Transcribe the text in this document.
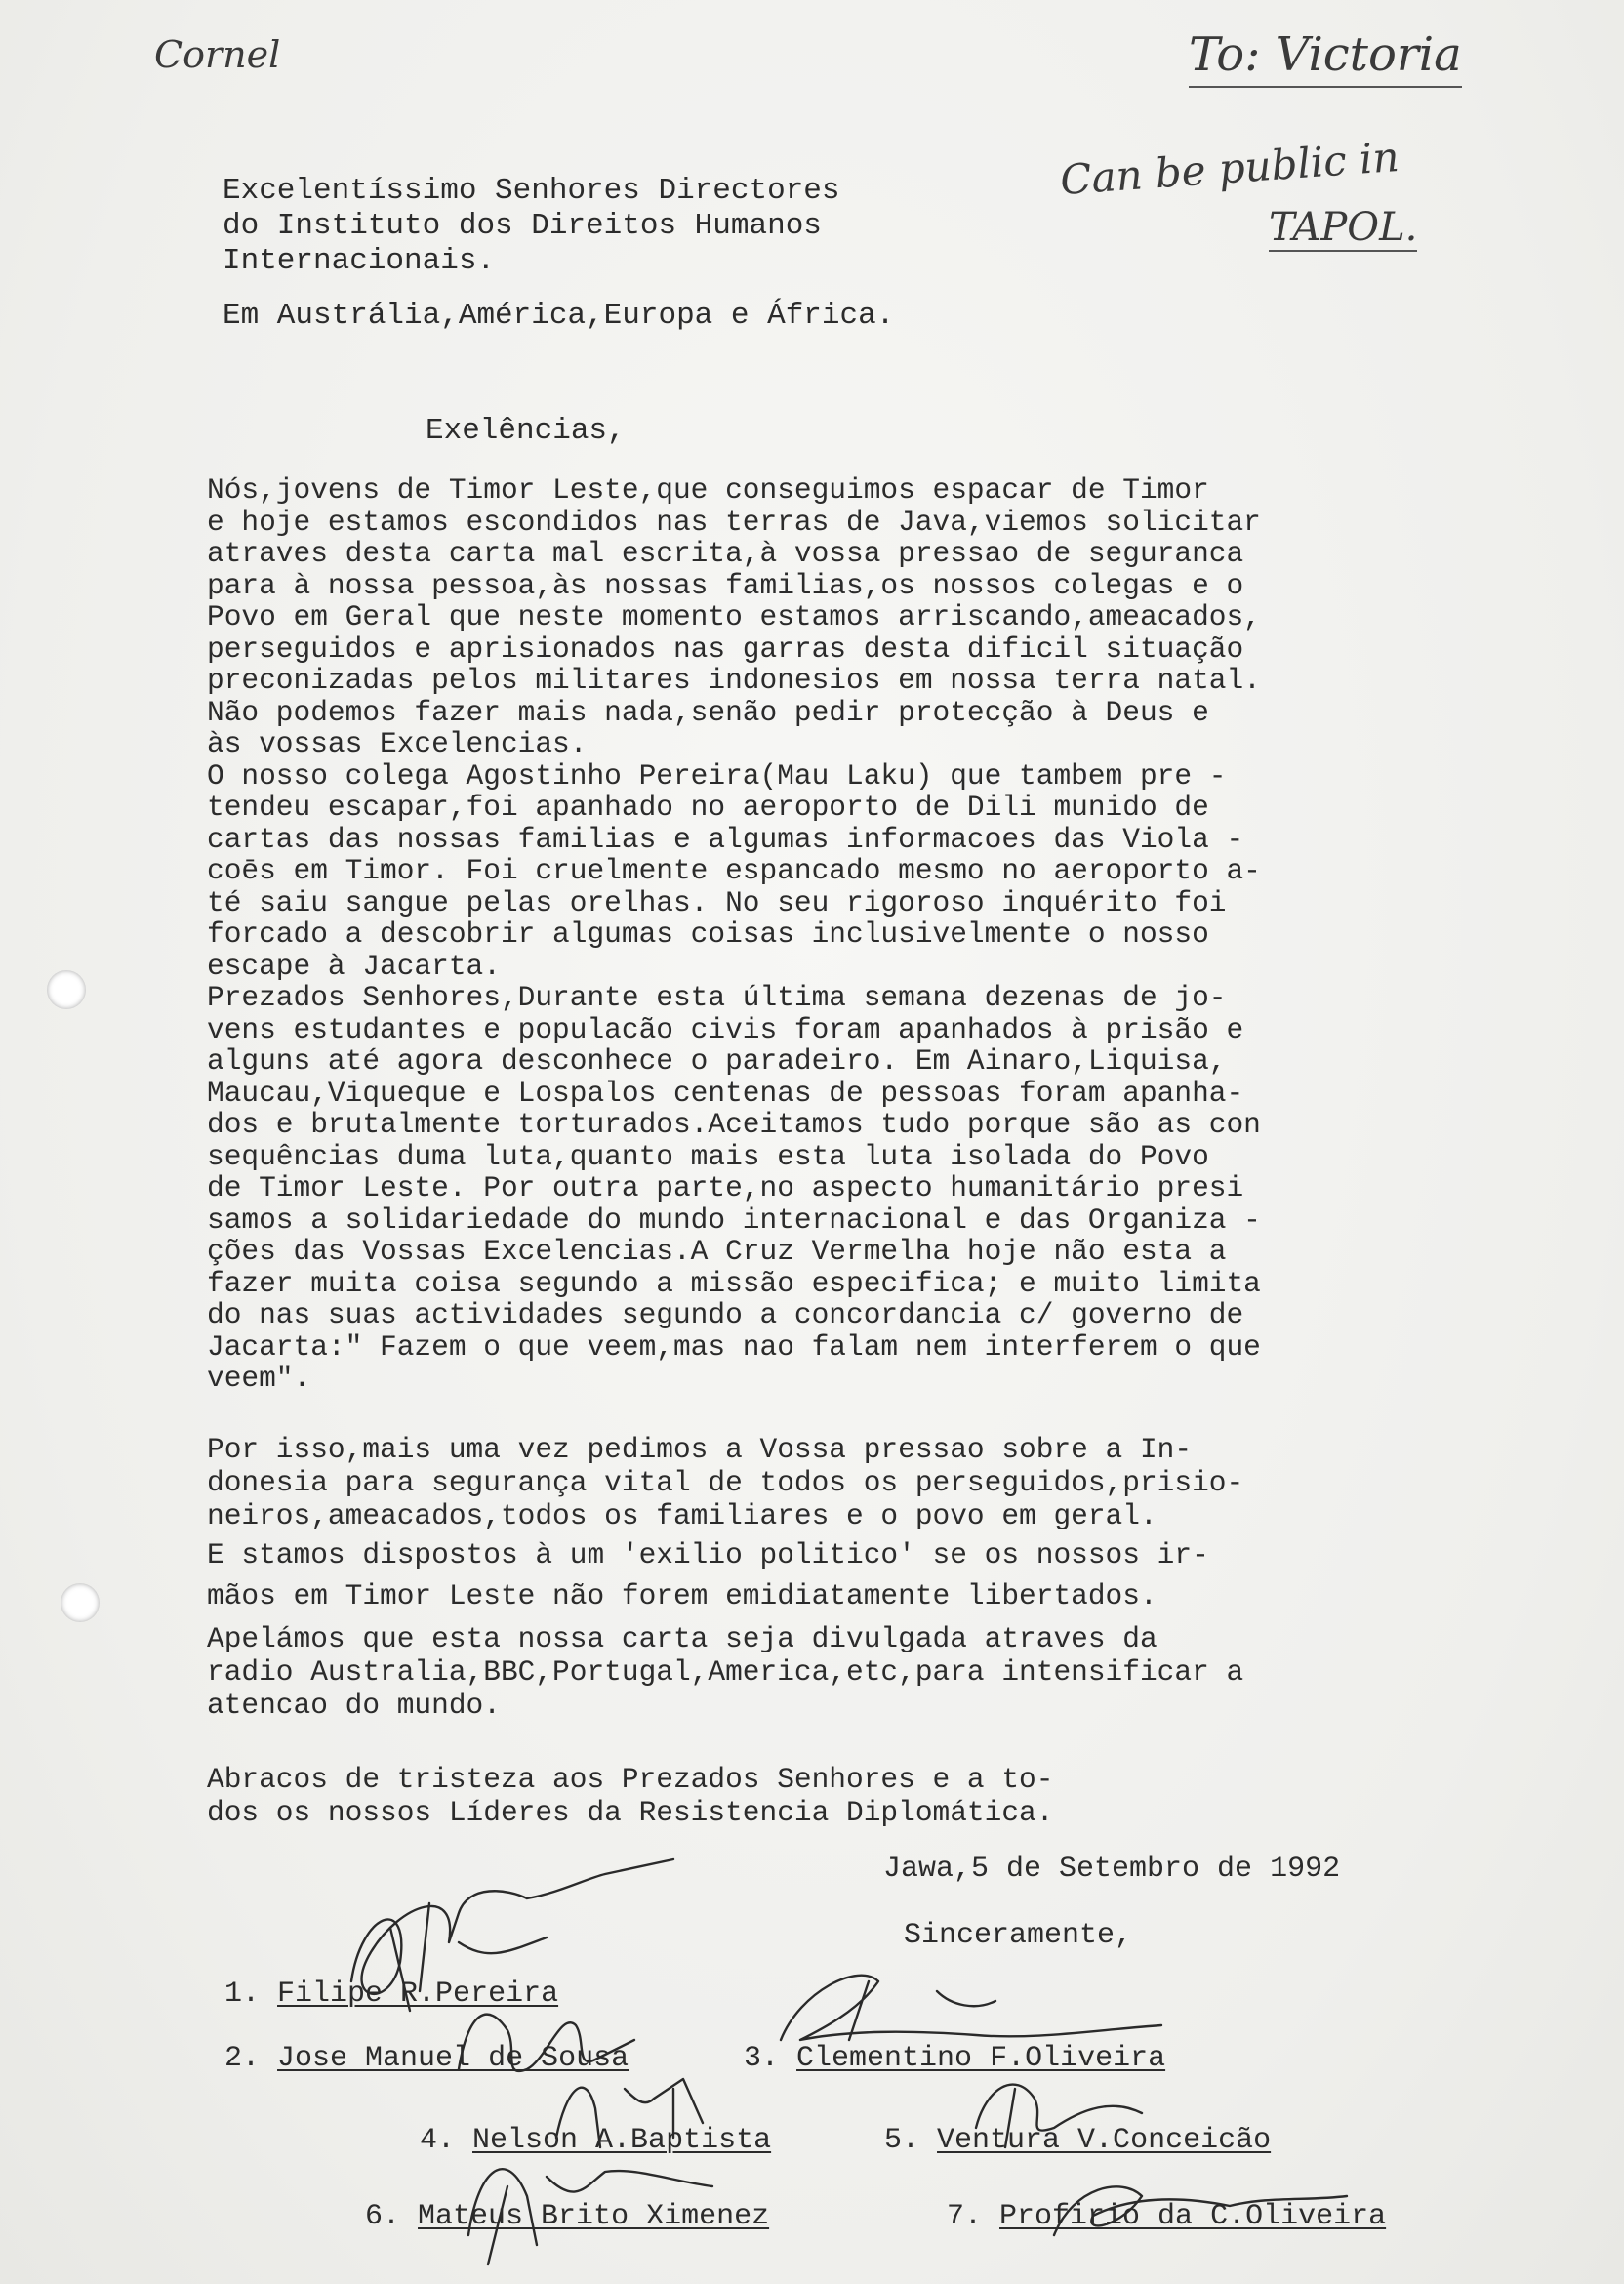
Cornel	To: Victoria
Can be public in
TAPOL.
Excelentíssimo Senhores Directores
do Instituto dos Direitos Humanos
Internacionais.
Em Austrália,América,Europa e África.
Exelências,
Nós,jovens de Timor Leste,que conseguimos espacar de Timor
e hoje estamos escondidos nas terras de Java,viemos solicitar
atraves desta carta mal escrita,à vossa pressao de seguranca
para à nossa pessoa,às nossas familias,os nossos colegas e o
Povo em Geral que neste momento estamos arriscando,ameacados,
perseguidos e aprisionados nas garras desta dificil situação
preconizadas pelos militares indonesios em nossa terra natal.
Não podemos fazer mais nada,senão pedir protecção à Deus e
às vossas Excelencias.
O nosso colega Agostinho Pereira(Mau Laku) que tambem pre -
tendeu escapar,foi apanhado no aeroporto de Dili munido de
cartas das nossas familias e algumas informacoes das Viola -
coēs em Timor. Foi cruelmente espancado mesmo no aeroporto a-
té saiu sangue pelas orelhas. No seu rigoroso inquérito foi
forcado a descobrir algumas coisas inclusivelmente o nosso
escape à Jacarta.
Prezados Senhores,Durante esta última semana dezenas de jo-
vens estudantes e populacão civis foram apanhados à prisão e
alguns até agora desconhece o paradeiro. Em Ainaro,Liquisa,
Maucau,Viqueque e Lospalos centenas de pessoas foram apanha-
dos e brutalmente torturados.Aceitamos tudo porque são as con
sequências duma luta,quanto mais esta luta isolada do Povo
de Timor Leste. Por outra parte,no aspecto humanitário presi
samos a solidariedade do mundo internacional e das Organiza -
ções das Vossas Excelencias.A Cruz Vermelha hoje não esta a
fazer muita coisa segundo a missão especifica; e muito limita
do nas suas actividades segundo a concordancia c/ governo de
Jacarta:" Fazem o que veem,mas nao falam nem interferem o que
veem".
Por isso,mais uma vez pedimos a Vossa pressao sobre a In-
donesia para segurança vital de todos os perseguidos,prisio-
neiros,ameacados,todos os familiares e o povo em geral.
E stamos dispostos à um 'exilio politico' se os nossos ir-
mãos em Timor Leste não forem emidiatamente libertados.
Apelámos que esta nossa carta seja divulgada atraves da
radio Australia,BBC,Portugal,America,etc,para intensificar a
atencao do mundo.
Abracos de tristeza aos Prezados Senhores e a to-
dos os nossos Líderes da Resistencia Diplomática.
Jawa,5 de Setembro de 1992
Sinceramente,
1. Filipe R.Pereira
2. Jose Manuel de Sousa	3. Clementino F.Oliveira
4. Nelson A.Baptista	5. Ventura V.Conceicão
6. Mateus Brito Ximenez	7. Profirio da C.Oliveira
